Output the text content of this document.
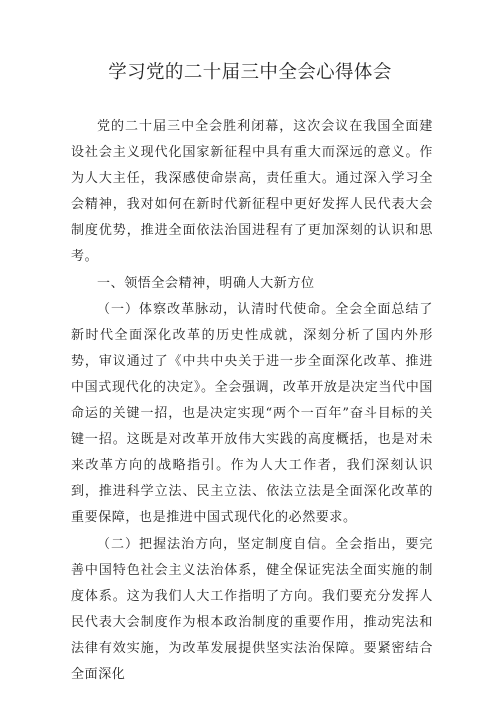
学习党的二十届三中全会心得体会

党的二十届三中全会胜利闭幕，这次会议在我国全面建设社会主义现代化国家新征程中具有重大而深远的意义。作为人大主任，我深感使命崇高，责任重大。通过深入学习全会精神，我对如何在新时代新征程中更好发挥人民代表大会制度优势，推进全面依法治国进程有了更加深刻的认识和思考。

一、领悟全会精神，明确人大新方位

（一）体察改革脉动，认清时代使命。全会全面总结了新时代全面深化改革的历史性成就，深刻分析了国内外形势，审议通过了《中共中央关于进一步全面深化改革、推进中国式现代化的决定》。全会强调，改革开放是决定当代中国命运的关键一招，也是决定实现“两个一百年”奋斗目标的关键一招。这既是对改革开放伟大实践的高度概括，也是对未来改革方向的战略指引。作为人大工作者，我们深刻认识到，推进科学立法、民主立法、依法立法是全面深化改革的重要保障，也是推进中国式现代化的必然要求。

（二）把握法治方向，坚定制度自信。全会指出，要完善中国特色社会主义法治体系，健全保证宪法全面实施的制度体系。这为我们人大工作指明了方向。我们要充分发挥人民代表大会制度作为根本政治制度的重要作用，推动宪法和法律有效实施，为改革发展提供坚实法治保障。要紧密结合全面深化
